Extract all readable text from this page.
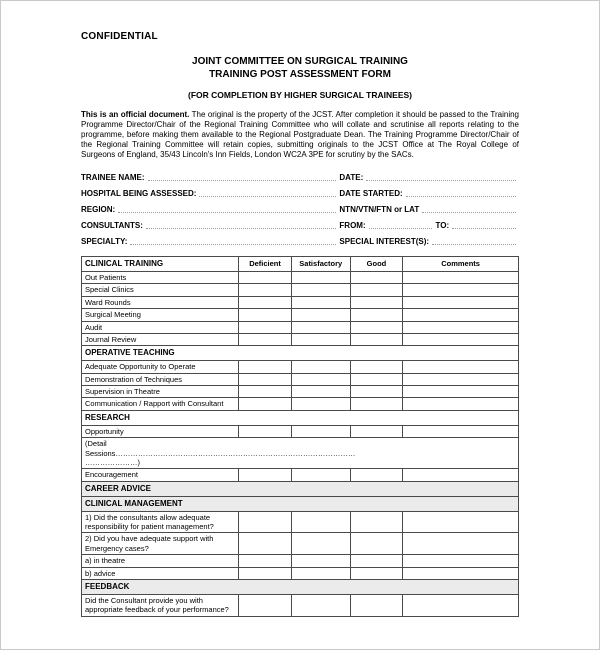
CONFIDENTIAL
JOINT COMMITTEE ON SURGICAL TRAINING
TRAINING POST ASSESSMENT FORM
(FOR COMPLETION BY HIGHER SURGICAL TRAINEES)

This is an official document. The original is the property of the JCST. After completion it should be passed to the Training Programme Director/Chair of the Regional Training Committee who will collate and scrutinise all reports relating to the programme, before making them available to the Regional Postgraduate Dean. The Training Programme Director/Chair of the Regional Training Committee will retain copies, submitting originals to the JCST Office at The Royal College of Surgeons of England, 35/43 Lincoln's Inn Fields, London WC2A 3PE for scrutiny by the SACs.

TRAINEE NAME:	DATE:
HOSPITAL BEING ASSESSED:	DATE STARTED:
REGION:	NTN/VTN/FTN or LAT
CONSULTANTS:	FROM:	TO:
SPECIALTY:	SPECIAL INTEREST(S):
CLINICAL TRAINING	Deficient	Satisfactory	Good	Comments
Out Patients				
Special Clinics				
Ward Rounds				
Surgical Meeting				
Audit				
Journal Review				
OPERATIVE TEACHING				
Adequate Opportunity to Operate				
Demonstration of Techniques				
Supervision in Theatre				
Communication / Rapport with Consultant				
RESEARCH				
Opportunity				
(Detail
Sessions……………………………………………………………………………………
…………………)				
Encouragement				
CAREER ADVICE				
CLINICAL MANAGEMENT				
1) Did the consultants allow adequate responsibility for patient management?				
2) Did you have adequate support with Emergency cases?				
a) in theatre				
b) advice				
FEEDBACK				
Did the Consultant provide you with appropriate feedback of your performance?				
